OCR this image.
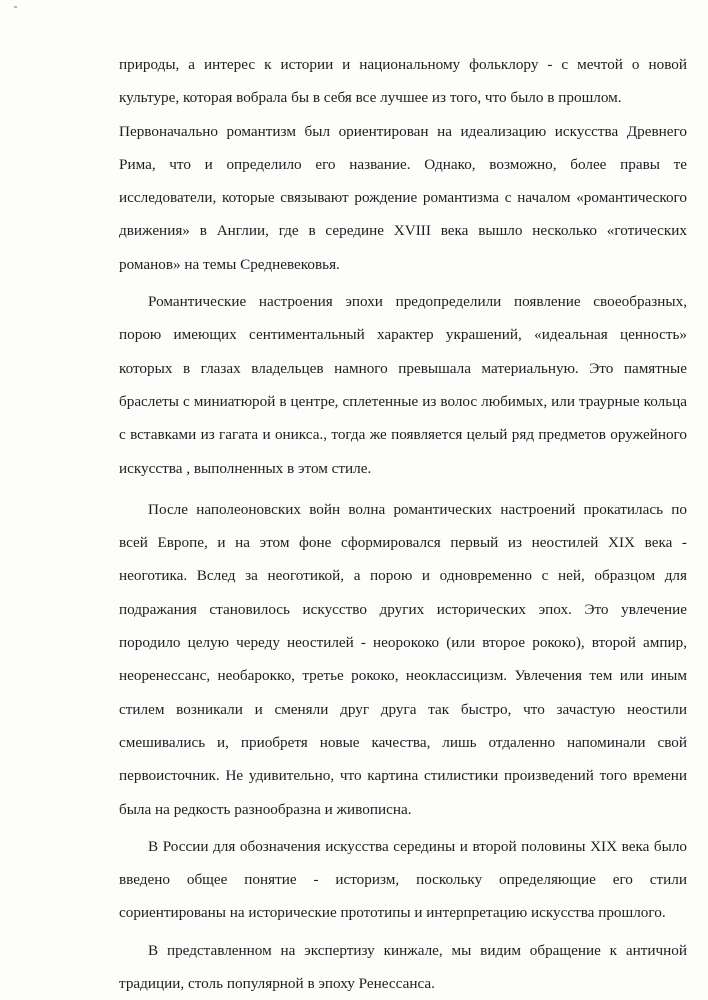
природы, а интерес к истории и национальному фольклору - с мечтой о новой культуре, которая вобрала бы в себя все лучшее из того, что было в прошлом.

Первоначально романтизм был ориентирован на идеализацию искусства Древнего Рима, что и определило его название. Однако, возможно, более правы те исследователи, которые связывают рождение романтизма с началом «романтического движения» в Англии, где в середине XVIII века вышло несколько «готических романов» на темы Средневековья.

Романтические настроения эпохи предопределили появление своеобразных, порою имеющих сентиментальный характер украшений, «идеальная ценность» которых в глазах владельцев намного превышала материальную. Это памятные браслеты с миниатюрой в центре, сплетенные из волос любимых, или траурные кольца с вставками из гагата и оникса., тогда же появляется целый ряд предметов оружейного искусства , выполненных в этом стиле.

После наполеоновских войн волна романтических настроений прокатилась по всей Европе, и на этом фоне сформировался первый из неостилей XIX века - неоготика. Вслед за неоготикой, а порою и одновременно с ней, образцом для подражания становилось искусство других исторических эпох. Это увлечение породило целую череду неостилей - неорококо (или второе рококо), второй ампир, неоренессанс, необарокко, третье рококо, неоклассицизм. Увлечения тем или иным стилем возникали и сменяли друг друга так быстро, что зачастую неостили смешивались и, приобретя новые качества, лишь отдаленно напоминали свой первоисточник. Не удивительно, что картина стилистики произведений того времени была на редкость разнообразна и живописна.

В России для обозначения искусства середины и второй половины XIX века было введено общее понятие - историзм, поскольку определяющие его стили сориентированы на исторические прототипы и интерпретацию искусства прошлого.

В представленном на экспертизу кинжале, мы видим обращение к античной традиции, столь популярной в эпоху Ренессанса.
